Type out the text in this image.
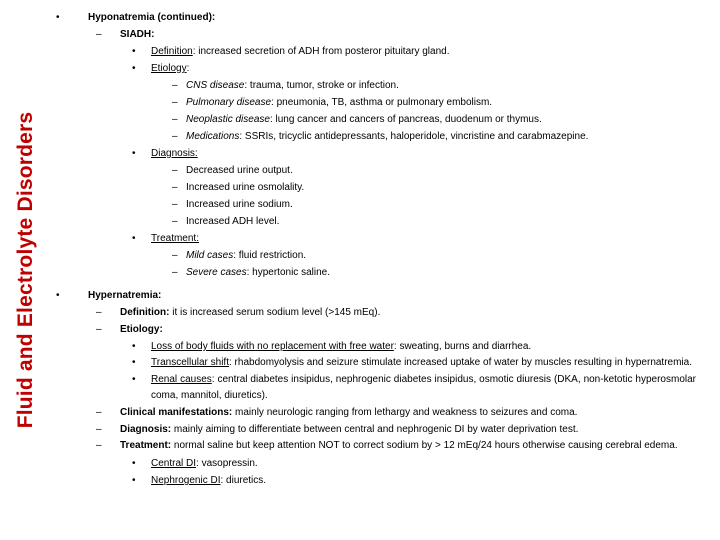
Fluid and Electrolyte Disorders
•	Hyponatremia (continued):
– SIADH:
• Definition: increased secretion of ADH from posteror pituitary gland.
• Etiology:
– CNS disease: trauma, tumor, stroke or infection.
– Pulmonary disease: pneumonia, TB, asthma or pulmonary embolism.
– Neoplastic disease: lung cancer and cancers of pancreas, duodenum or thymus.
– Medications: SSRIs, tricyclic antidepressants, haloperidole, vincristine and carabmazepine.
• Diagnosis:
– Decreased urine output.
– Increased urine osmolality.
– Increased urine sodium.
– Increased ADH level.
• Treatment:
– Mild cases: fluid restriction.
– Severe cases: hypertonic saline.
•	Hypernatremia:
– Definition: it is increased serum sodium level (>145 mEq).
– Etiology:
• Loss of body fluids with no replacement with free water: sweating, burns and diarrhea.
• Transcellular shift: rhabdomyolysis and seizure stimulate increased uptake of water by muscles resulting in hypernatremia.
• Renal causes: central diabetes insipidus, nephrogenic diabetes insipidus, osmotic diuresis (DKA, non-ketotic hyperosmolar coma, mannitol, diuretics).
– Clinical manifestations: mainly neurologic ranging from lethargy and weakness to seizures and coma.
– Diagnosis: mainly aiming to differentiate between central and nephrogenic DI by water deprivation test.
– Treatment: normal saline but keep attention NOT to correct sodium by > 12 mEq/24 hours otherwise causing cerebral edema.
• Central DI: vasopressin.
• Nephrogenic DI: diuretics.
